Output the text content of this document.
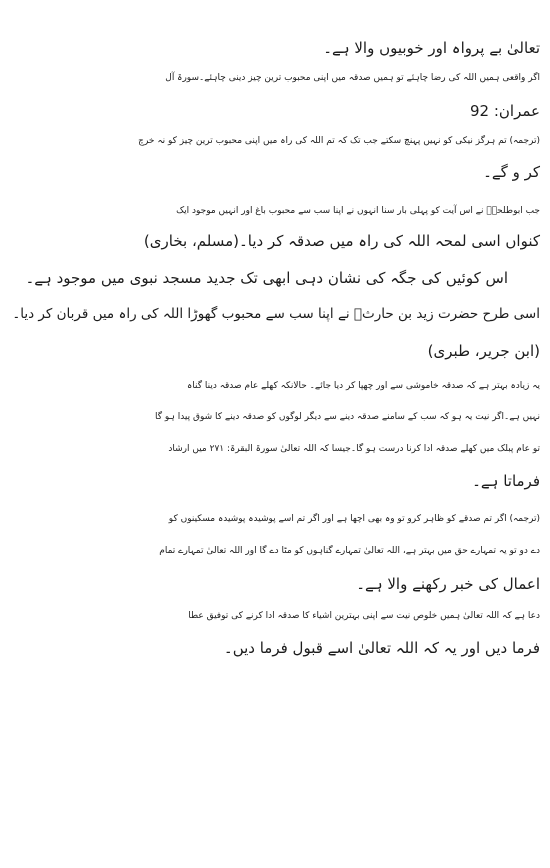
تعالیٰ بے پرواہ اور خوبیوں والا ہے۔
اگر واقعی ہمیں اللہ کی رضا چاہئے تو ہمیں صدقہ میں اپنی محبوب ترین چیز دینی چاہئے۔سورۃ آل
عمران: 92
(ترجمہ) تم ہرگز نیکی کو نہیں پہنچ سکتے جب تک کہ تم اللہ کی راہ میں اپنی محبوب ترین چیز کو نہ خرچ
کر و گے۔
جب ابوطلحہؓ نے اس آیت کو پہلی بار سنا انہوں نے اپنا سب سے محبوب باغ اور انہیں موجود ایک
کنواں اسی لمحہ اللہ کی راہ میں صدقہ کر دیا۔(مسلم، بخاری)
اس کوئیں کی جگہ کی نشان دہی ابھی تک جدید مسجد نبوی میں موجود ہے۔
اسی طرح حضرت زید بن حارثؓ نے اپنا سب سے محبوب گھوڑا اللہ کی راہ میں قربان کر دیا۔
(ابن جریر، طبری)
یہ زیادہ بہتر ہے کہ صدقہ خاموشی سے اور چھپا کر دیا جائے۔ حالانکہ کھلے عام صدقہ دینا گناہ
نہیں ہے۔اگر نیت یہ ہو کہ سب کے سامنے صدقہ دینے سے دیگر لوگوں کو صدقہ دینے کا شوق پیدا ہو گا
تو عام پبلک میں کھلے صدقہ ادا کرنا درست ہو گا۔جیسا کہ اللہ تعالیٰ سورۃ البقرۃ: ۲۷۱ میں ارشاد
فرماتا ہے۔
(ترجمہ) اگر تم صدقے کو ظاہر کرو تو وہ بھی اچھا ہے اور اگر تم اسے پوشیدہ پوشیدہ مسکینوں کو
دے دو تو یہ تمہارے حق میں بہتر ہے، اللہ تعالیٰ تمہارے گناہوں کو مٹا دے گا اور اللہ تعالیٰ تمہارے تمام
اعمال کی خبر رکھنے والا ہے۔
دعا ہے کہ اللہ تعالیٰ ہمیں خلوص نیت سے اپنی بہترین اشیاء کا صدقہ ادا کرنے کی توفیق عطا
فرما دیں اور یہ کہ اللہ تعالیٰ اسے قبول فرما دیں۔
